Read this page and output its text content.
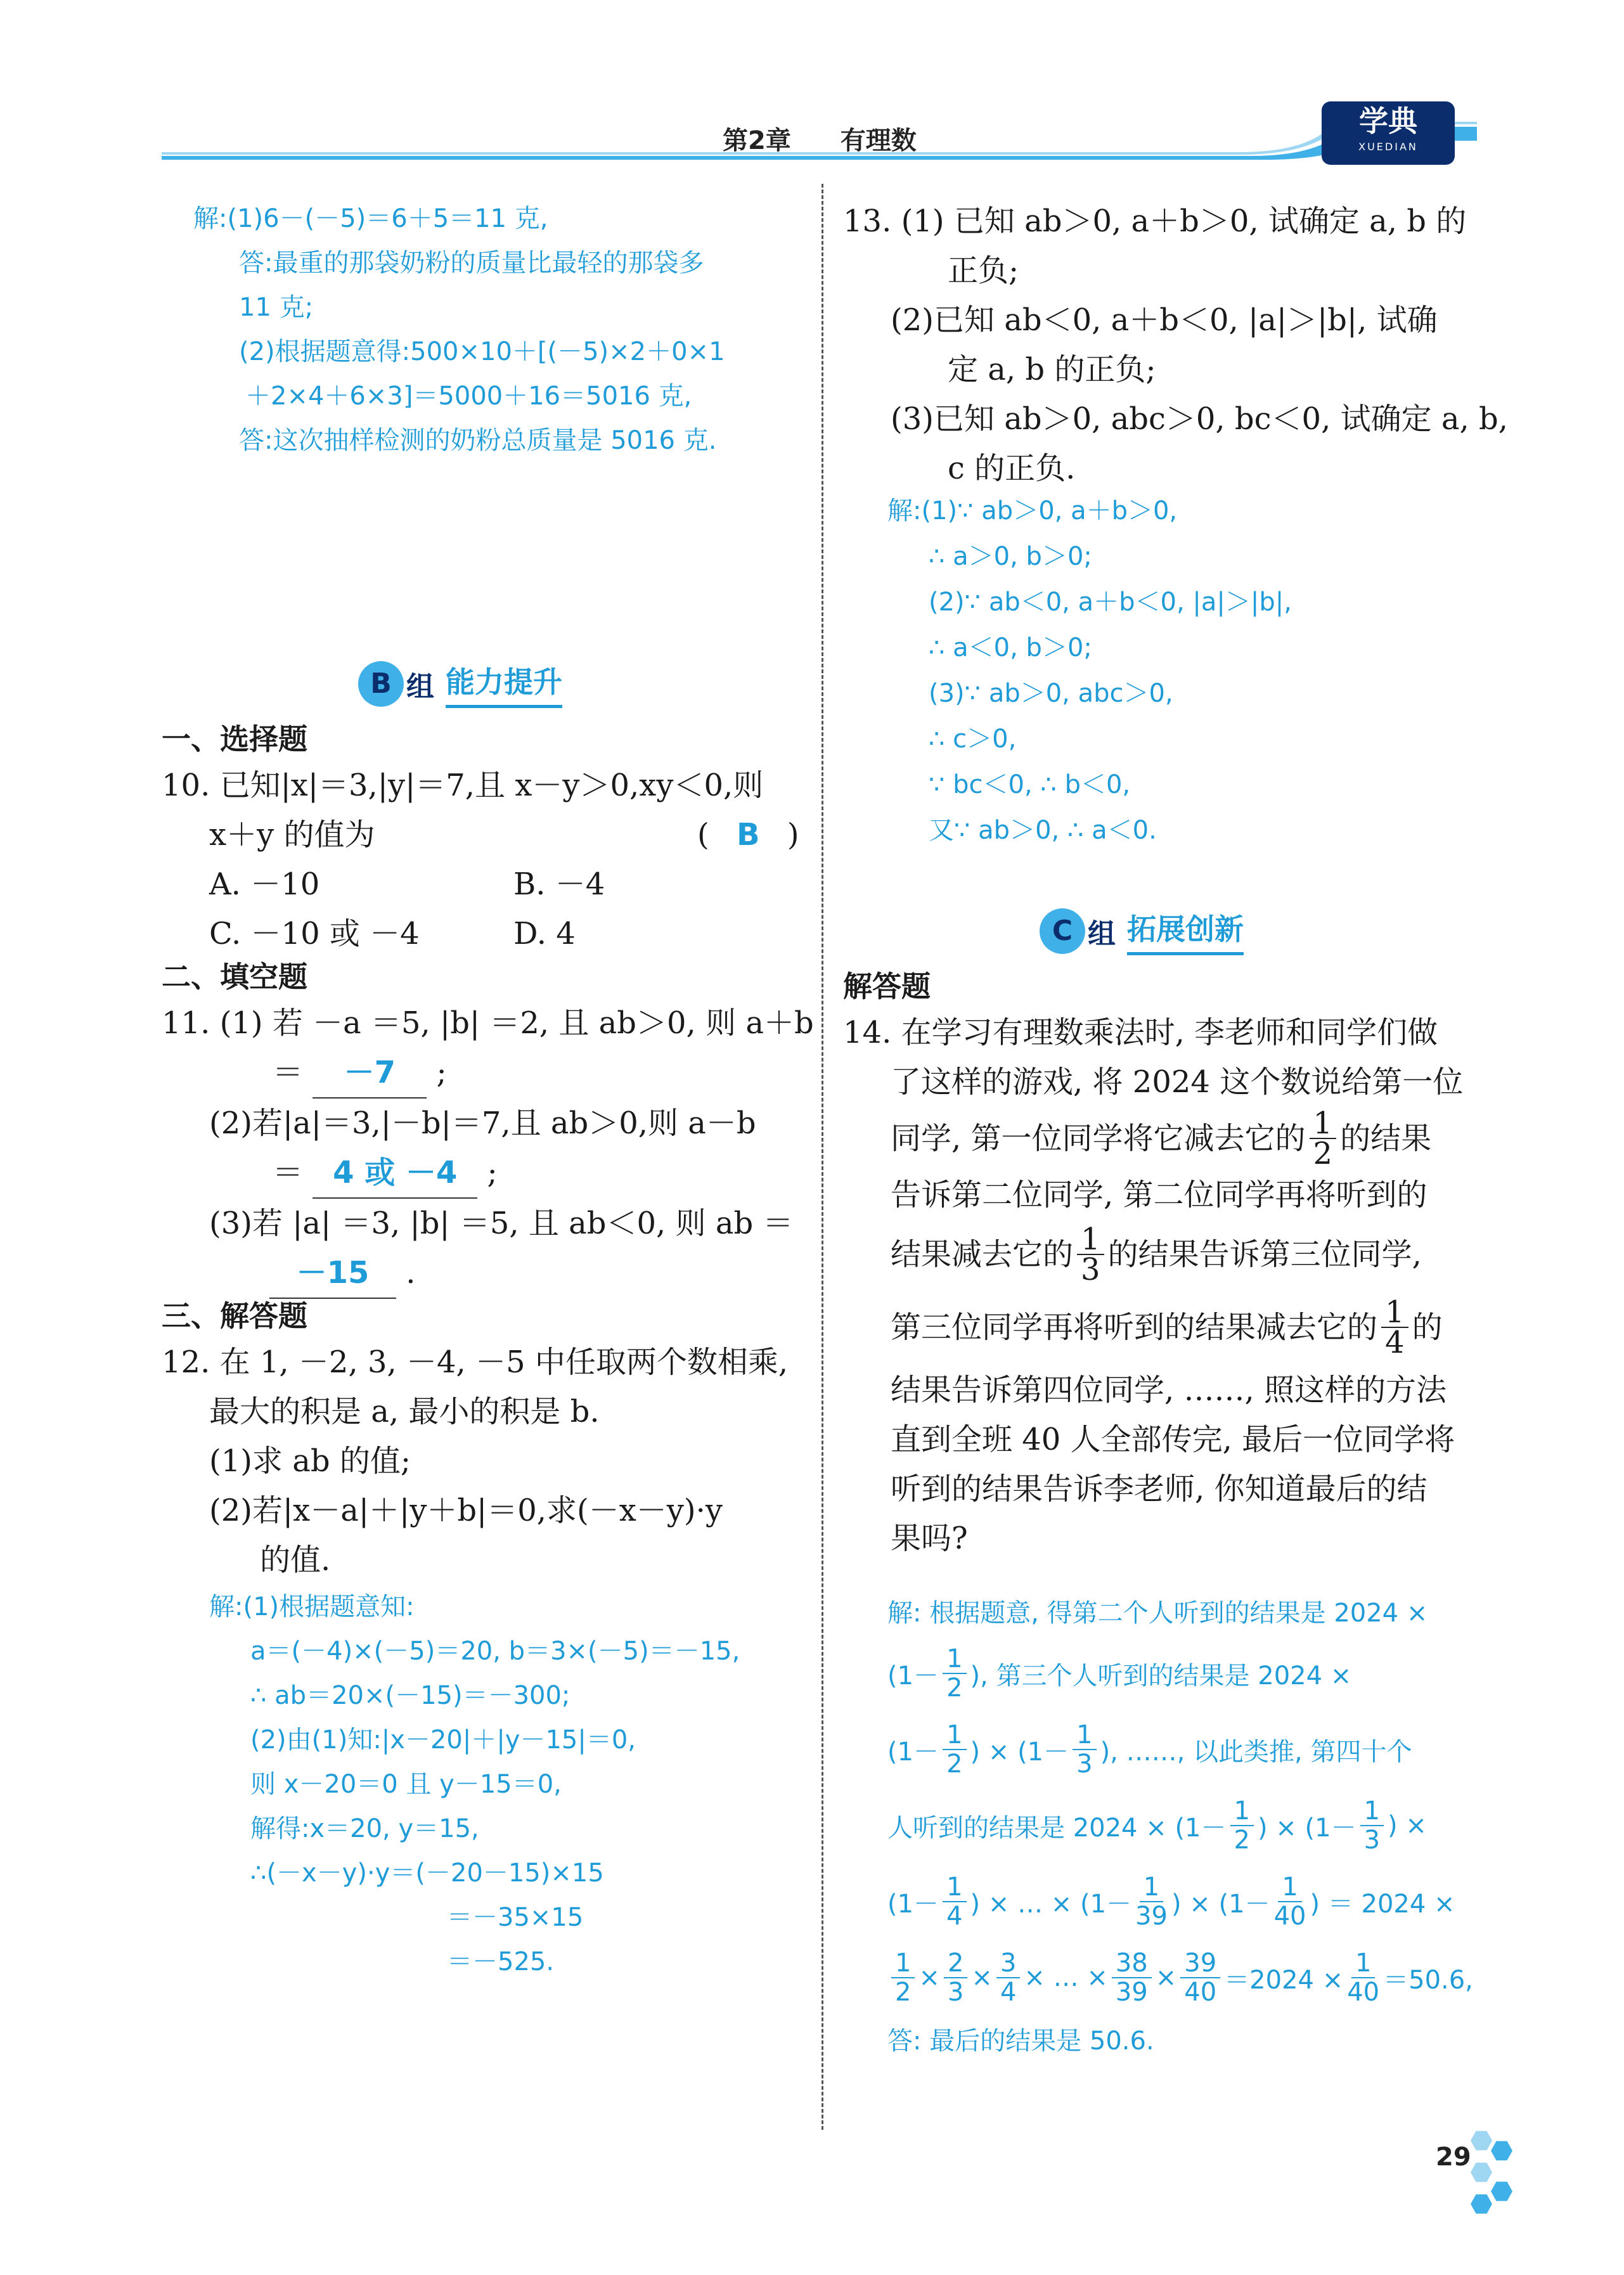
第2章 有理数
学典
XUEDIAN
解:(1)6－(－5)＝6＋5＝11 克,
答:最重的那袋奶粉的质量比最轻的那袋多
11 克;
(2)根据题意得:500×10＋[(－5)×2＋0×1
＋2×4＋6×3]＝5000＋16＝5016 克,
答:这次抽样检测的奶粉总质量是 5016 克.
B 组 能力提升
一、选择题
10. 已知|x|＝3,|y|＝7,且 x－y＞0,xy＜0,则
x＋y 的值为	( B )
A. －10	B. －4
C. －10 或 －4	D. 4
二、填空题
11. (1) 若 －a ＝5, |b| ＝2, 且 ab＞0, 则 a＋b
＝ －7 ;
(2)若|a|＝3,|－b|＝7,且 ab＞0,则 a－b
＝ 4 或 －4 ;
(3)若 |a| ＝3, |b| ＝5, 且 ab＜0, 则 ab ＝
－15 .
三、解答题
12. 在 1, －2, 3, －4, －5 中任取两个数相乘,
最大的积是 a, 最小的积是 b.
(1)求 ab 的值;
(2)若|x－a|＋|y＋b|＝0,求(－x－y)·y
的值.
解:(1)根据题意知:
a＝(－4)×(－5)＝20, b＝3×(－5)＝－15,
∴ ab＝20×(－15)＝－300;
(2)由(1)知:|x－20|＋|y－15|＝0,
则 x－20＝0 且 y－15＝0,
解得:x＝20, y＝15,
∴(－x－y)·y＝(－20－15)×15
＝－35×15
＝－525.
13. (1) 已知 ab＞0, a＋b＞0, 试确定 a, b 的
正负;
(2)已知 ab＜0, a＋b＜0, |a|＞|b|, 试确
定 a, b 的正负;
(3)已知 ab＞0, abc＞0, bc＜0, 试确定 a, b,
c 的正负.
解:(1)∵ ab＞0, a＋b＞0,
∴ a＞0, b＞0;
(2)∵ ab＜0, a＋b＜0, |a|＞|b|,
∴ a＜0, b＞0;
(3)∵ ab＞0, abc＞0,
∴ c＞0,
∵ bc＜0, ∴ b＜0,
又∵ ab＞0, ∴ a＜0.
C 组 拓展创新
解答题
14. 在学习有理数乘法时, 李老师和同学们做
了这样的游戏, 将 2024 这个数说给第一位
同学, 第一位同学将它减去它的 $\frac{1}{2}$ 的结果
告诉第二位同学, 第二位同学再将听到的
结果减去它的 $\frac{1}{3}$ 的结果告诉第三位同学,
第三位同学再将听到的结果减去它的 $\frac{1}{4}$ 的
结果告诉第四位同学, ……, 照这样的方法
直到全班 40 人全部传完, 最后一位同学将
听到的结果告诉李老师, 你知道最后的结
果吗?
解: 根据题意, 得第二个人听到的结果是 2024 ×
($1- \frac{1}{2}$ ), 第三个人听到的结果是 2024 ×
($1- \frac{1}{2}$ ) × ($1- \frac{1}{3}$ ), ……, 以此类推, 第四十个
人听到的结果是 $2024 \times (1- \frac{1}{2}$ ) × ($1- \frac{1}{3}$ ) ×
($1- \frac{1}{4}$ ) × … × ($1- \frac{1}{39}$ ) × ($1- \frac{1}{40}$ ) ＝ 2024 ×
$\frac{1}{2} \times \frac{2}{3} \times \frac{3}{4}$ × … × $\frac{38}{39} \times \frac{39}{40} =2024 \times \frac{1}{40} =50.6$,
答: 最后的结果是 50.6.
29
